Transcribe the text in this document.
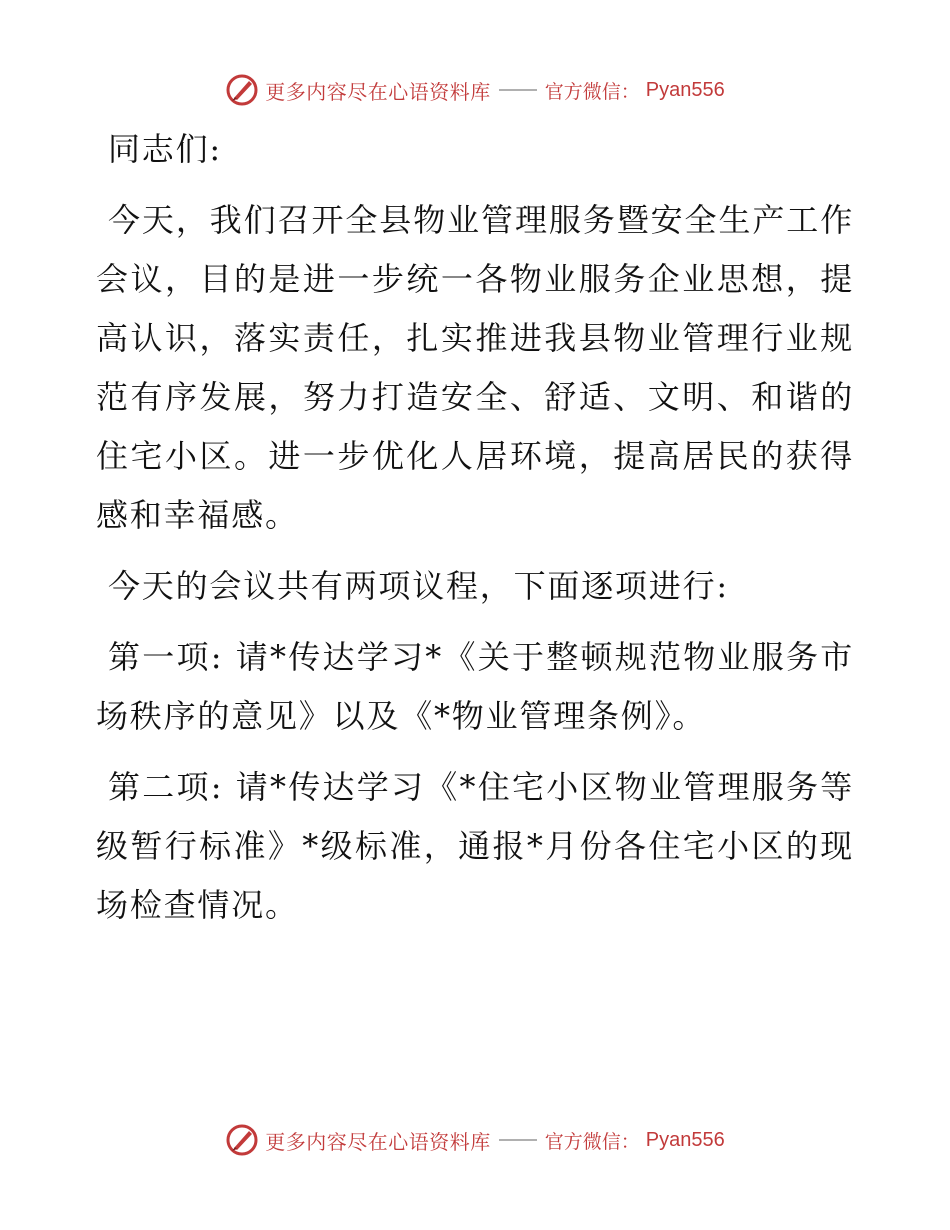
更多内容尽在心语资料库	官方微信： Pyan556

同志们:

今天，我们召开全县物业管理服务暨安全生产工作会议，目的是进一步统一各物业服务企业思想，提高认识，落实责任，扎实推进我县物业管理行业规范有序发展，努力打造安全、舒适、文明、和谐的住宅小区。进一步优化人居环境，提高居民的获得感和幸福感。

今天的会议共有两项议程，下面逐项进行:

第一项: 请*传达学习*《关于整顿规范物业服务市场秩序的意见》以及《*物业管理条例》。

第二项: 请*传达学习《*住宅小区物业管理服务等级暂行标准》*级标准，通报*月份各住宅小区的现场检查情况。

更多内容尽在心语资料库	官方微信： Pyan556
